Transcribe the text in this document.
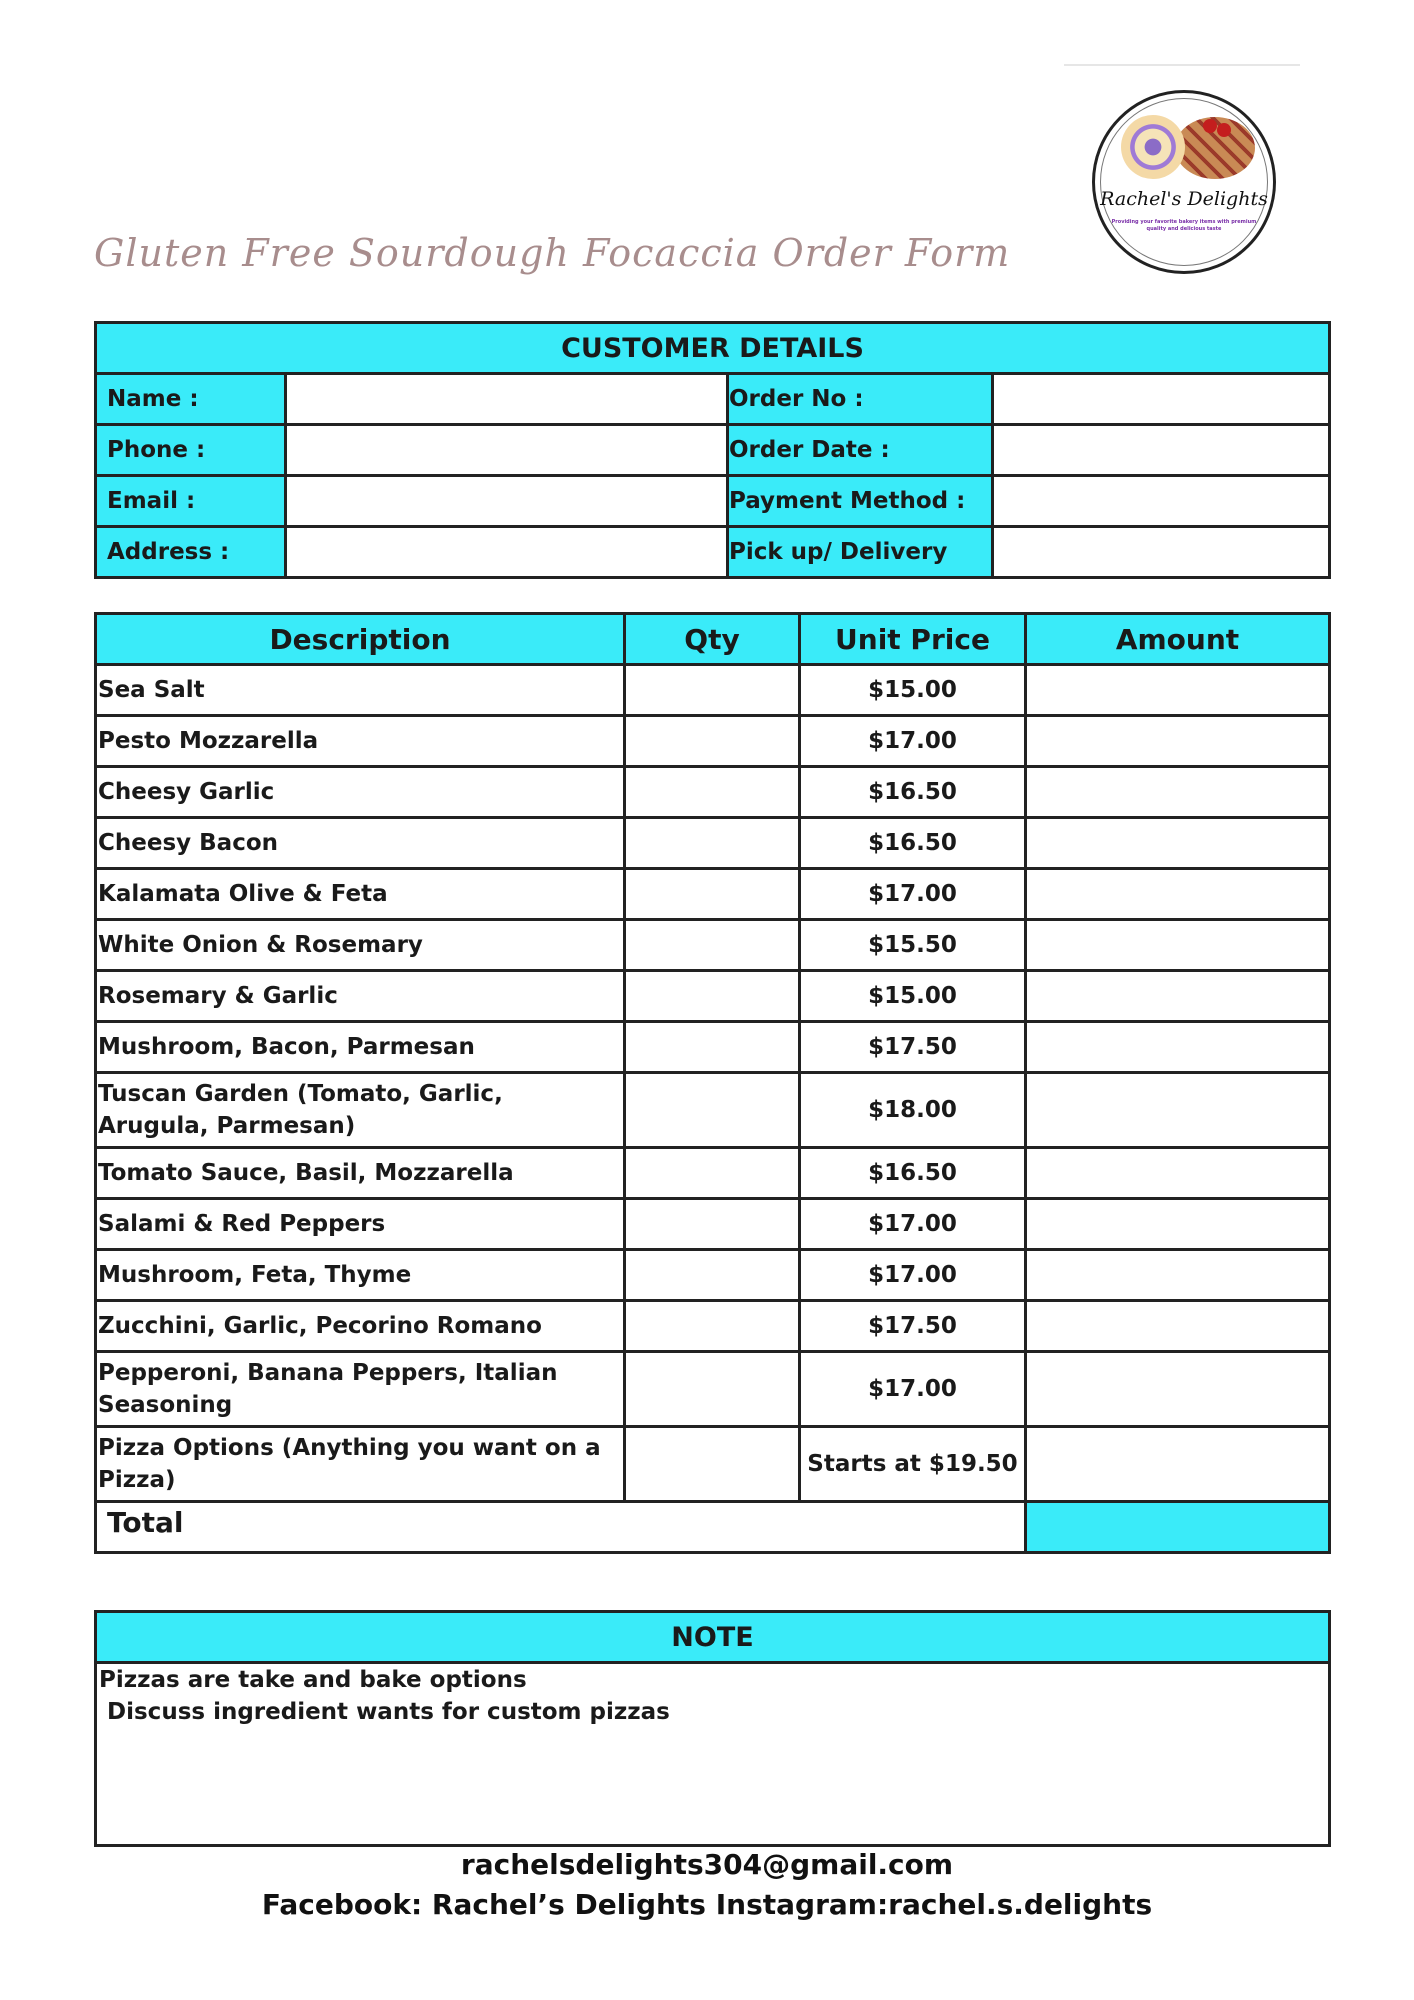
Rachel's Delights
Providing your favorite bakery items with premium quality and delicious taste
Gluten Free Sourdough Focaccia Order Form
CUSTOMER DETAILS			
Name :		Order No :	
Phone :		Order Date :	
Email :		Payment Method :	
Address :		Pick up/ Delivery	
Description	Qty	Unit Price	Amount
Sea Salt		$15.00	
Pesto Mozzarella		$17.00	
Cheesy Garlic		$16.50	
Cheesy Bacon		$16.50	
Kalamata Olive & Feta		$17.00	
White Onion & Rosemary		$15.50	
Rosemary & Garlic		$15.00	
Mushroom, Bacon, Parmesan		$17.50	
Tuscan Garden (Tomato, Garlic, Arugula, Parmesan)		$18.00	
Tomato Sauce, Basil, Mozzarella		$16.50	
Salami & Red Peppers		$17.00	
Mushroom, Feta, Thyme		$17.00	
Zucchini, Garlic, Pecorino Romano		$17.50	
Pepperoni, Banana Peppers, Italian Seasoning		$17.00	
Pizza Options (Anything you want on a Pizza)		Starts at $19.50	
Total			
NOTE

Pizzas are take and bake options
Discuss ingredient wants for custom pizzas
rachelsdelights304@gmail.com
Facebook: Rachel’s Delights Instagram:rachel.s.delights
